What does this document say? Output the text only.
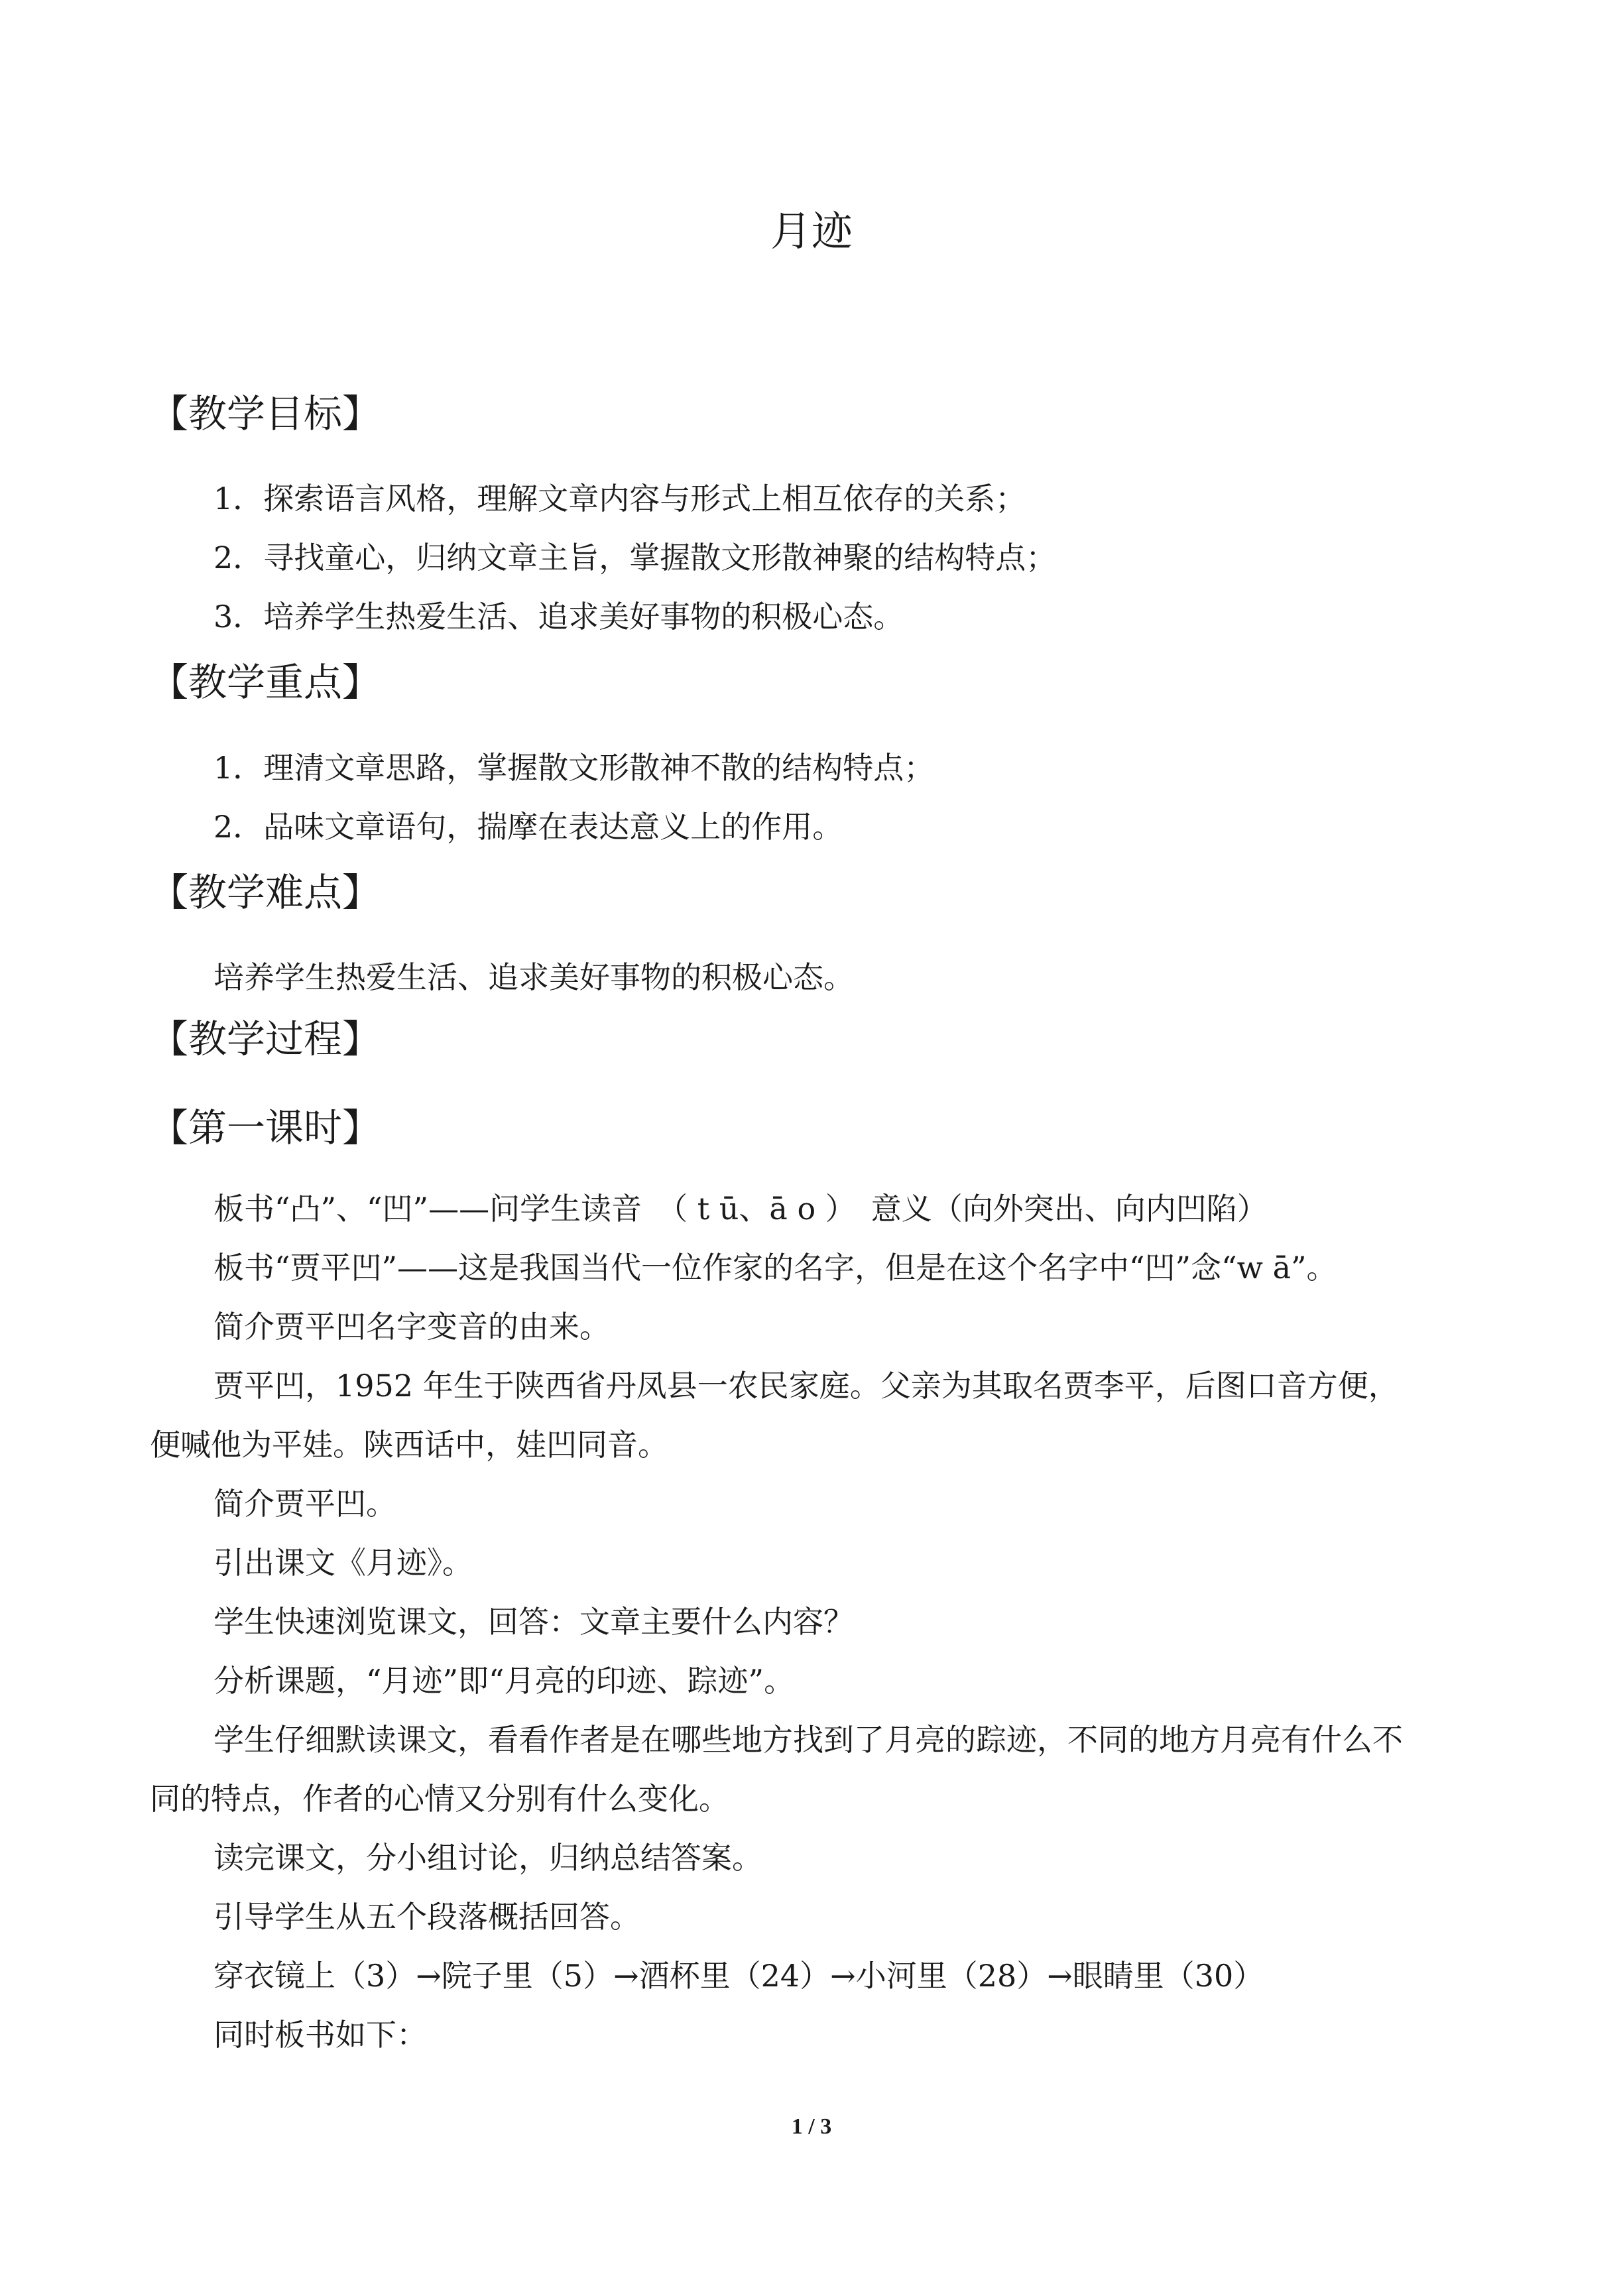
月迹
【教学目标】
1．探索语言风格，理解文章内容与形式上相互依存的关系；
2．寻找童心，归纳文章主旨，掌握散文形散神聚的结构特点；
3．培养学生热爱生活、追求美好事物的积极心态。
【教学重点】
1．理清文章思路，掌握散文形散神不散的结构特点；
2．品味文章语句，揣摩在表达意义上的作用。
【教学难点】
培养学生热爱生活、追求美好事物的积极心态。
【教学过程】
【第一课时】
板书“凸”、“凹”——问学生读音　（ t ū、ā o ）　意义（向外突出、向内凹陷）
板书“贾平凹”——这是我国当代一位作家的名字，但是在这个名字中“凹”念“w ā”。
简介贾平凹名字变音的由来。
贾平凹，1952 年生于陕西省丹凤县一农民家庭。父亲为其取名贾李平，后图口音方便，
便喊他为平娃。陕西话中，娃凹同音。
简介贾平凹。
引出课文《月迹》。
学生快速浏览课文，回答：文章主要什么内容？
分析课题，“月迹”即“月亮的印迹、踪迹”。
学生仔细默读课文，看看作者是在哪些地方找到了月亮的踪迹，不同的地方月亮有什么不
同的特点，作者的心情又分别有什么变化。
读完课文，分小组讨论，归纳总结答案。
引导学生从五个段落概括回答。
穿衣镜上（3）→院子里（5）→酒杯里（24）→小河里（28）→眼睛里（30）
同时板书如下：
1 / 3
